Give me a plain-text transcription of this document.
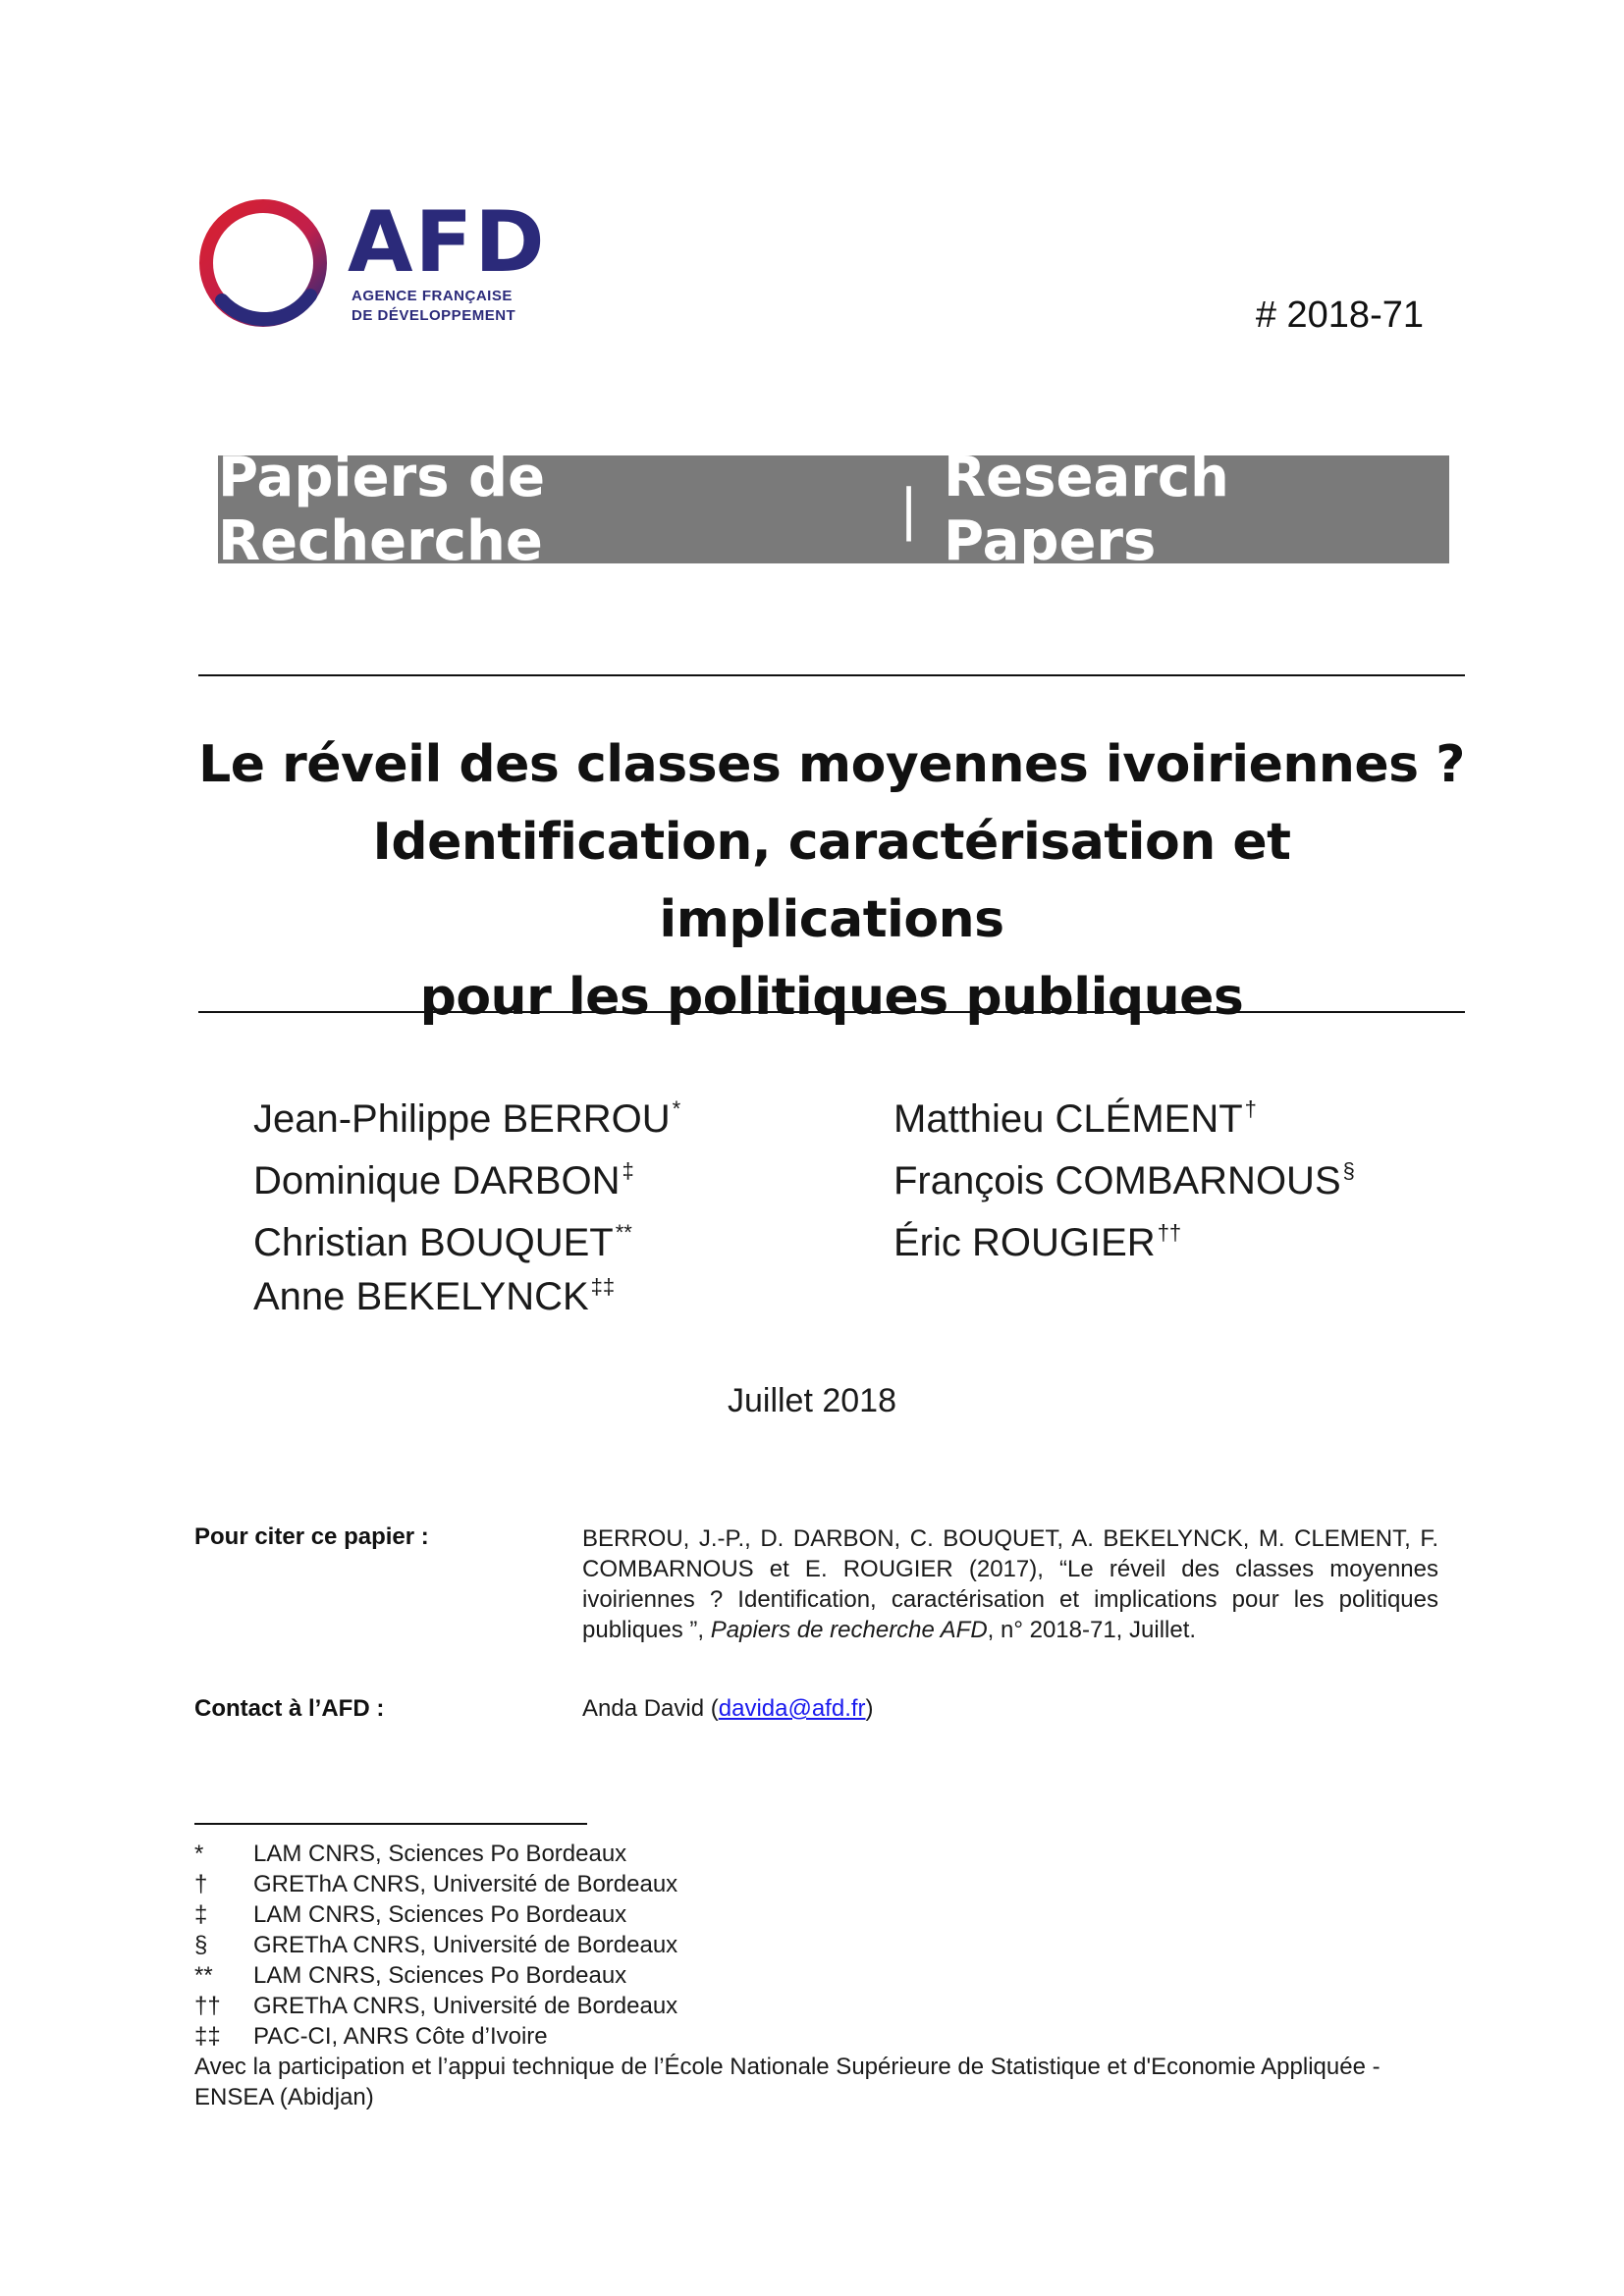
AFD
AGENCE FRANÇAISE
DE DÉVELOPPEMENT	# 2018-71
Papiers de Recherche	| Research Papers
Le réveil des classes moyennes ivoiriennes ?
Identification, caractérisation et implications
pour les politiques publiques
Jean-Philippe BERROU*
Dominique DARBON‡
Christian BOUQUET**
Anne BEKELYNCK‡‡
Matthieu CLÉMENT†
François COMBARNOUS§
Éric ROUGIER††
Juillet 2018
Pour citer ce papier :	BERROU, J.-P., D. DARBON, C. BOUQUET, A. BEKELYNCK, M. CLEMENT, F. COMBARNOUS et E. ROUGIER (2017), “Le réveil des classes moyennes ivoiriennes ? Identification, caractérisation et implications pour les politiques publiques ”, Papiers de recherche AFD, n° 2018-71, Juillet.
Contact à l’AFD :	Anda David (davida@afd.fr)
*	LAM CNRS, Sciences Po Bordeaux
†	GREThA CNRS, Université de Bordeaux
‡	LAM CNRS, Sciences Po Bordeaux
§	GREThA CNRS, Université de Bordeaux
**	LAM CNRS, Sciences Po Bordeaux
††	GREThA CNRS, Université de Bordeaux
‡‡	PAC-CI, ANRS Côte d’Ivoire
Avec la participation et l’appui technique de l’École Nationale Supérieure de Statistique et d'Economie Appliquée - ENSEA (Abidjan)
